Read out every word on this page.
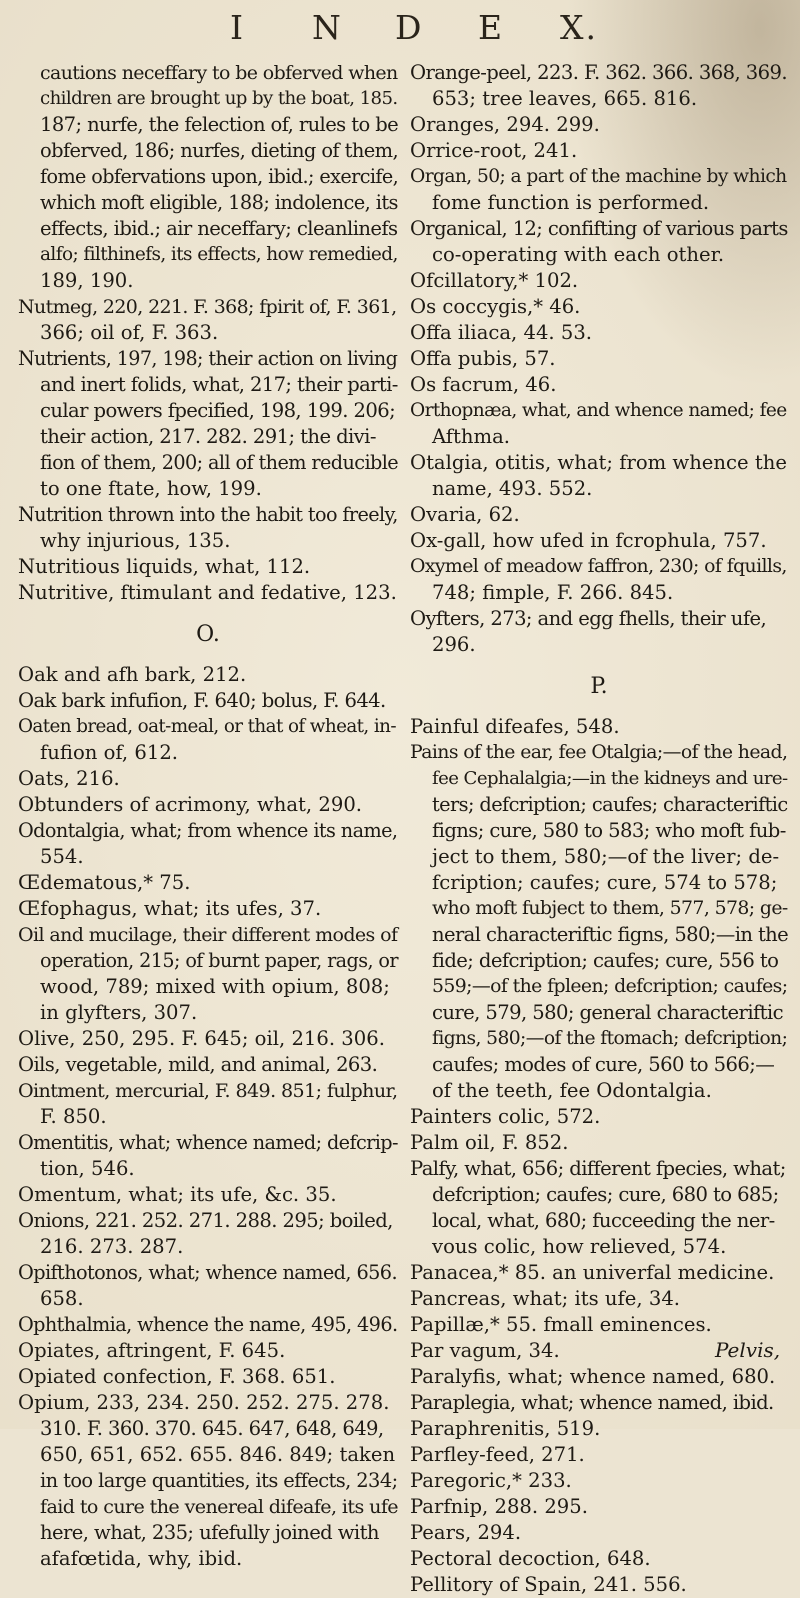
I N D E X.
cautions neceffary to be obferved when
children are brought up by the boat, 185.
187; nurfe, the felection of, rules to be
obferved, 186; nurfes, dieting of them,
fome obfervations upon, ibid.; exercife,
which moft eligible, 188; indolence, its
effects, ibid.; air neceffary; cleanlinefs
alfo; filthinefs, its effects, how remedied,
189, 190.
Nutmeg, 220, 221. F. 368; fpirit of, F. 361,
366; oil of, F. 363.
Nutrients, 197, 198; their action on living
and inert folids, what, 217; their parti-
cular powers fpecified, 198, 199. 206;
their action, 217. 282. 291; the divi-
fion of them, 200; all of them reducible
to one ftate, how, 199.
Nutrition thrown into the habit too freely,
why injurious, 135.
Nutritious liquids, what, 112.
Nutritive, ftimulant and fedative, 123.
O.
Oak and afh bark, 212.
Oak bark infufion, F. 640; bolus, F. 644.
Oaten bread, oat-meal, or that of wheat, in-
fufion of, 612.
Oats, 216.
Obtunders of acrimony, what, 290.
Odontalgia, what; from whence its name,
554.
Œdematous,* 75.
Œfophagus, what; its ufes, 37.
Oil and mucilage, their different modes of
operation, 215; of burnt paper, rags, or
wood, 789; mixed with opium, 808;
in glyfters, 307.
Olive, 250, 295. F. 645; oil, 216. 306.
Oils, vegetable, mild, and animal, 263.
Ointment, mercurial, F. 849. 851; fulphur,
F. 850.
Omentitis, what; whence named; defcrip-
tion, 546.
Omentum, what; its ufe, &c. 35.
Onions, 221. 252. 271. 288. 295; boiled,
216. 273. 287.
Opifthotonos, what; whence named, 656.
658.
Ophthalmia, whence the name, 495, 496.
Opiates, aftringent, F. 645.
Opiated confection, F. 368. 651.
Opium, 233, 234. 250. 252. 275. 278.
310. F. 360. 370. 645. 647, 648, 649,
650, 651, 652. 655. 846. 849; taken
in too large quantities, its effects, 234;
faid to cure the venereal difeafe, its ufe
here, what, 235; ufefully joined with
afafœtida, why, ibid.
Orange-peel, 223. F. 362. 366. 368, 369.
653; tree leaves, 665. 816.
Oranges, 294. 299.
Orrice-root, 241.
Organ, 50; a part of the machine by which
fome function is performed.
Organical, 12; confifting of various parts
co-operating with each other.
Ofcillatory,* 102.
Os coccygis,* 46.
Offa iliaca, 44. 53.
Offa pubis, 57.
Os facrum, 46.
Orthopnæa, what, and whence named; fee
Afthma.
Otalgia, otitis, what; from whence the
name, 493. 552.
Ovaria, 62.
Ox-gall, how ufed in fcrophula, 757.
Oxymel of meadow faffron, 230; of fquills,
748; fimple, F. 266. 845.
Oyfters, 273; and egg fhells, their ufe,
296.
P.
Painful difeafes, 548.
Pains of the ear, fee Otalgia;—of the head,
fee Cephalalgia;—in the kidneys and ure-
ters; defcription; caufes; characteriftic
figns; cure, 580 to 583; who moft fub-
ject to them, 580;—of the liver; de-
fcription; caufes; cure, 574 to 578;
who moft fubject to them, 577, 578; ge-
neral characteriftic figns, 580;—in the
fide; defcription; caufes; cure, 556 to
559;—of the fpleen; defcription; caufes;
cure, 579, 580; general characteriftic
figns, 580;—of the ftomach; defcription;
caufes; modes of cure, 560 to 566;—
of the teeth, fee Odontalgia.
Painters colic, 572.
Palm oil, F. 852.
Palfy, what, 656; different fpecies, what;
defcription; caufes; cure, 680 to 685;
local, what, 680; fucceeding the ner-
vous colic, how relieved, 574.
Panacea,* 85. an univerfal medicine.
Pancreas, what; its ufe, 34.
Papillæ,* 55. fmall eminences.
Par vagum, 34.
Paralyfis, what; whence named, 680.
Paraplegia, what; whence named, ibid.
Paraphrenitis, 519.
Parfley-feed, 271.
Paregoric,* 233.
Parfnip, 288. 295.
Pears, 294.
Pectoral decoction, 648.
Pellitory of Spain, 241. 556.
Pelvis,
